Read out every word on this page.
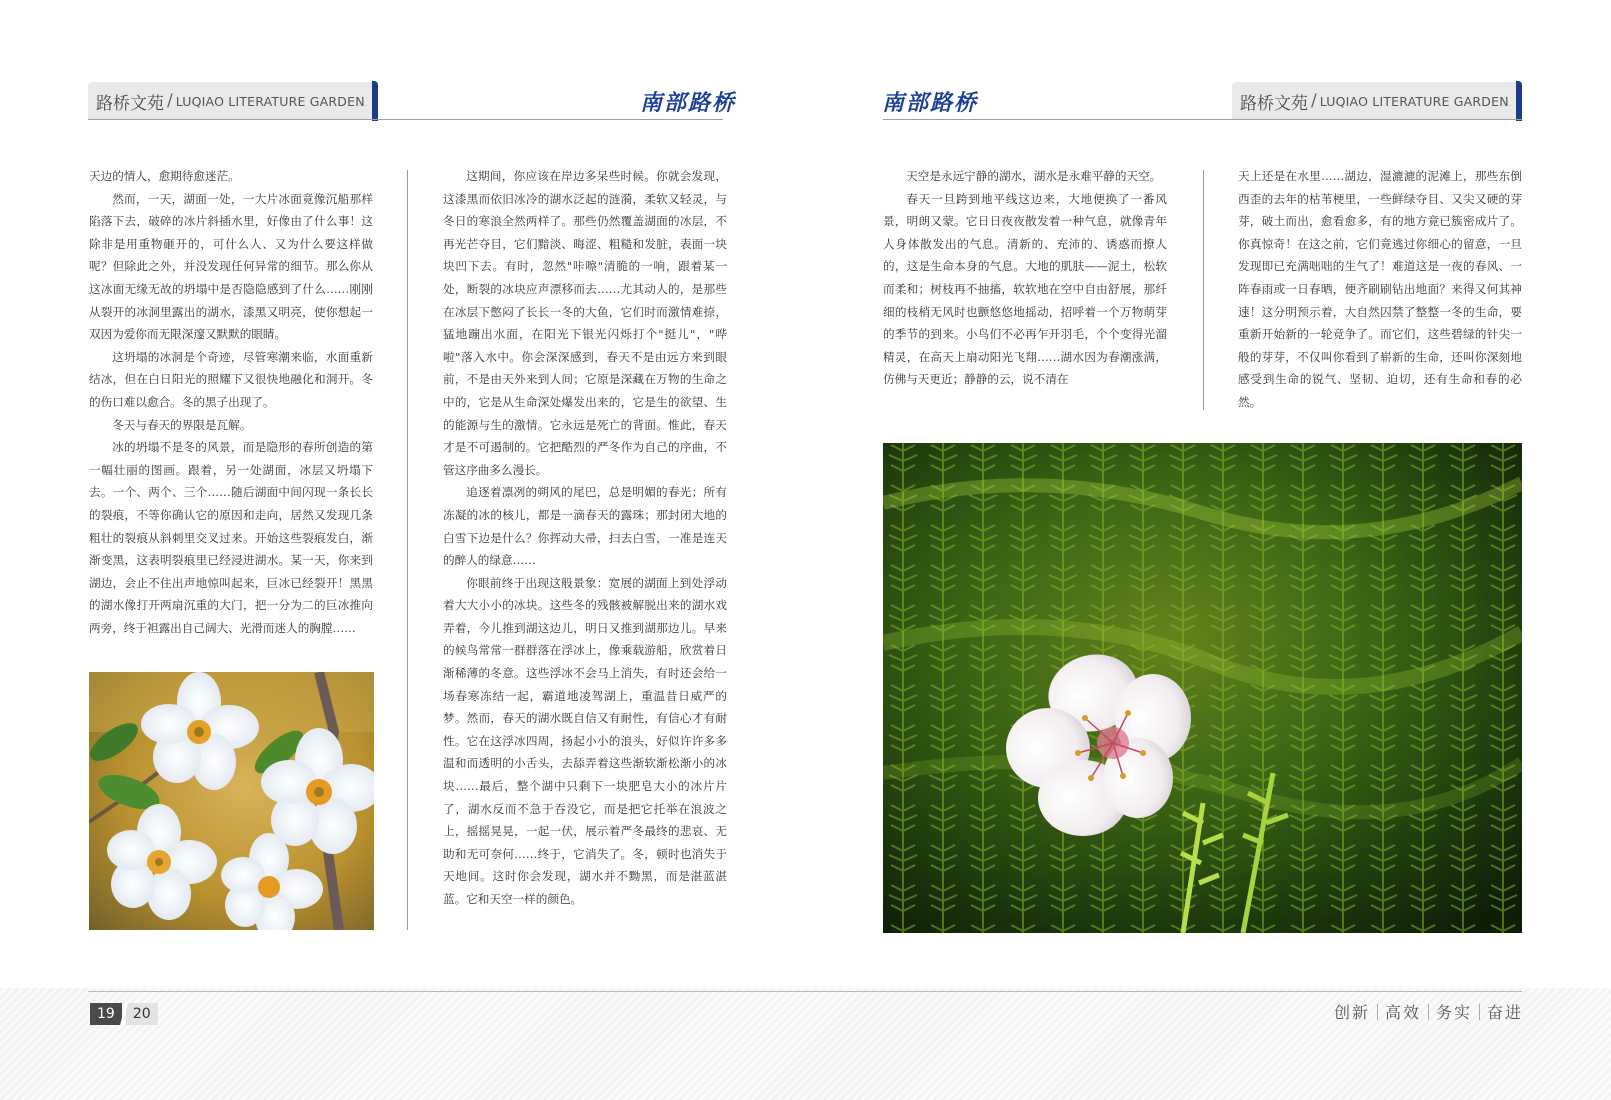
路桥文苑 / LUQIAO LITERATURE GARDEN	南部路桥	南部路桥	路桥文苑 / LUQIAO LITERATURE GARDEN

天边的情人，愈期待愈迷茫。

然而，一天，湖面一处，一大片冰面竟像沉船那样陷落下去，破碎的冰片斜插水里，好像由了什么事！这除非是用重物砸开的，可什么人、又为什么要这样做呢？但除此之外，并没发现任何异常的细节。那么你从这冰面无缘无故的坍塌中是否隐隐感到了什么……刚刚从裂开的冰洞里露出的湖水，漆黑又明亮，使你想起一双因为爱你而无限深邃又默默的眼睛。

这坍塌的冰洞是个奇迹，尽管寒潮来临，水面重新结冰，但在白日阳光的照耀下又很快地融化和洞开。冬的伤口难以愈合。冬的黑子出现了。

冬天与春天的界限是瓦解。

冰的坍塌不是冬的风景，而是隐形的春所创造的第一幅壮丽的图画。跟着，另一处湖面，冰层又坍塌下去。一个、两个、三个……随后湖面中间闪现一条长长的裂痕，不等你确认它的原因和走向，居然又发现几条粗壮的裂痕从斜刺里交叉过来。开始这些裂痕发白，渐渐变黑，这表明裂痕里已经浸进湖水。某一天，你来到湖边，会止不住出声地惊叫起来，巨冰已经裂开！黑黑的湖水像打开两扇沉重的大门，把一分为二的巨冰推向两旁，终于袒露出自己阔大、光滑而迷人的胸膛……

这期间，你应该在岸边多呆些时候。你就会发现，这漆黑而依旧冰冷的湖水泛起的涟漪，柔软又轻灵，与冬日的寒浪全然两样了。那些仍然覆盖湖面的冰层，不再光芒夺目，它们黯淡、晦涩、粗糙和发脏，表面一块块凹下去。有时，忽然"咔嚓"清脆的一响，跟着某一处，断裂的冰块应声漂移而去……尤其动人的，是那些在冰层下憋闷了长长一冬的大鱼，它们时而激情难捺，猛地蹦出水面，在阳光下银光闪烁打个"挺儿"，"哗啦"落入水中。你会深深感到，春天不是由远方来到眼前，不是由天外来到人间；它原是深藏在万物的生命之中的，它是从生命深处爆发出来的，它是生的欲望、生的能源与生的激情。它永远是死亡的背面。惟此，春天才是不可遏制的。它把酷烈的严冬作为自己的序曲，不管这序曲多么漫长。

追逐着凛冽的朔风的尾巴，总是明媚的春光；所有冻凝的冰的核儿，都是一滴春天的露珠；那封闭大地的白雪下边是什么？你挥动大帚，扫去白雪，一准是连天的醉人的绿意……

你眼前终于出现这般景象：宽展的湖面上到处浮动着大大小小的冰块。这些冬的残骸被解脱出来的湖水戏弄着，今儿推到湖这边儿，明日又推到湖那边儿。早来的候鸟常常一群群落在浮冰上，像乘载游船，欣赏着日渐稀薄的冬意。这些浮冰不会马上消失，有时还会给一场春寒冻结一起，霸道地凌驾湖上，重温昔日威严的梦。然而，春天的湖水既自信又有耐性，有信心才有耐性。它在这浮冰四周，扬起小小的浪头，好似许许多多温和而透明的小舌头，去舔弄着这些渐软渐松渐小的冰块……最后，整个湖中只剩下一块肥皂大小的冰片片了，湖水反而不急于吞没它，而是把它托举在浪波之上，摇摇晃晃，一起一伏，展示着严冬最终的悲哀、无助和无可奈何……终于，它消失了。冬，顿时也消失于天地间。这时你会发现，湖水并不黝黑，而是湛蓝湛蓝。它和天空一样的颜色。

天空是永远宁静的湖水，湖水是永难平静的天空。

春天一旦跨到地平线这边来，大地便换了一番风景，明朗又蒙。它日日夜夜散发着一种气息，就像青年人身体散发出的气息。清新的、充沛的、诱惑而撩人的，这是生命本身的气息。大地的肌肤——泥土，松软而柔和；树枝再不抽搐，软软地在空中自由舒展，那纤细的枝梢无风时也颤悠悠地摇动，招呼着一个万物萌芽的季节的到来。小鸟们不必再乍开羽毛，个个变得光溜精灵，在高天上扇动阳光飞翔……湖水因为春潮涨满，仿佛与天更近；静静的云，说不清在

天上还是在水里……湖边，湿漉漉的泥滩上，那些东倒西歪的去年的枯苇梗里，一些鲜绿夺目、又尖又硬的芽芽，破土而出，愈看愈多，有的地方竟已簇密成片了。你真惊奇！在这之前，它们竟逃过你细心的留意，一旦发现即已充满咄咄的生气了！难道这是一夜的春风、一阵春雨或一日春晒，便齐刷刷钻出地面？来得又何其神速！这分明预示着，大自然囚禁了整整一冬的生命，要重新开始新的一轮竞争了。而它们，这些碧绿的针尖一般的芽芽，不仅叫你看到了崭新的生命，还叫你深刻地感受到生命的锐气、坚韧、迫切，还有生命和春的必然。

19	20	创新 高效 务实 奋进
